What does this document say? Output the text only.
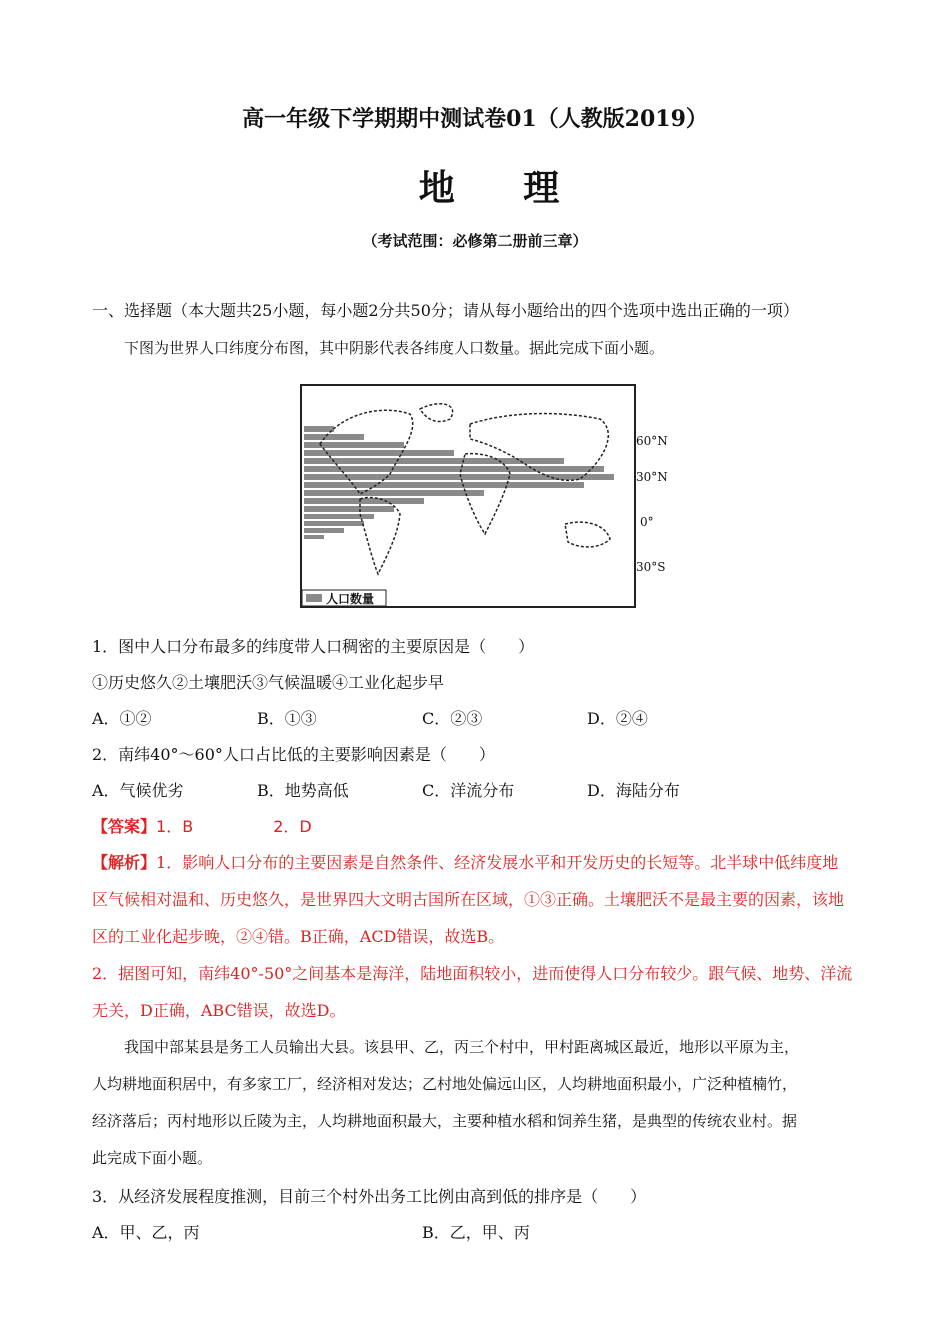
高一年级下学期期中测试卷01（人教版2019）
地 理
（考试范围：必修第二册前三章）
一、选择题（本大题共25小题，每小题2分共50分；请从每小题给出的四个选项中选出正确的一项）
下图为世界人口纬度分布图，其中阴影代表各纬度人口数量。据此完成下面小题。
人口数量
60°N
30°N
0°
30°S
1．图中人口分布最多的纬度带人口稠密的主要原因是（　　）
①历史悠久②土壤肥沃③气候温暖④工业化起步早
A．①②	B．①③	C．②③	D．②④
2．南纬40°～60°人口占比低的主要影响因素是（　　）
A．气候优劣	B．地势高低	C．洋流分布	D．海陆分布
【答案】1．B	2．D
【解析】1．影响人口分布的主要因素是自然条件、经济发展水平和开发历史的长短等。北半球中低纬度地
区气候相对温和、历史悠久，是世界四大文明古国所在区域，①③正确。土壤肥沃不是最主要的因素，该地
区的工业化起步晚，②④错。B正确，ACD错误，故选B。
2．据图可知，南纬40°-50°之间基本是海洋，陆地面积较小，进而使得人口分布较少。跟气候、地势、洋流
无关，D正确，ABC错误，故选D。
我国中部某县是务工人员输出大县。该县甲、乙，丙三个村中，甲村距离城区最近，地形以平原为主，
人均耕地面积居中，有多家工厂，经济相对发达；乙村地处偏远山区，人均耕地面积最小，广泛种植楠竹，
经济落后；丙村地形以丘陵为主，人均耕地面积最大，主要种植水稻和饲养生猪，是典型的传统农业村。据
此完成下面小题。
3．从经济发展程度推测，目前三个村外出务工比例由高到低的排序是（　　）
A．甲、乙，丙	B．乙，甲、丙
